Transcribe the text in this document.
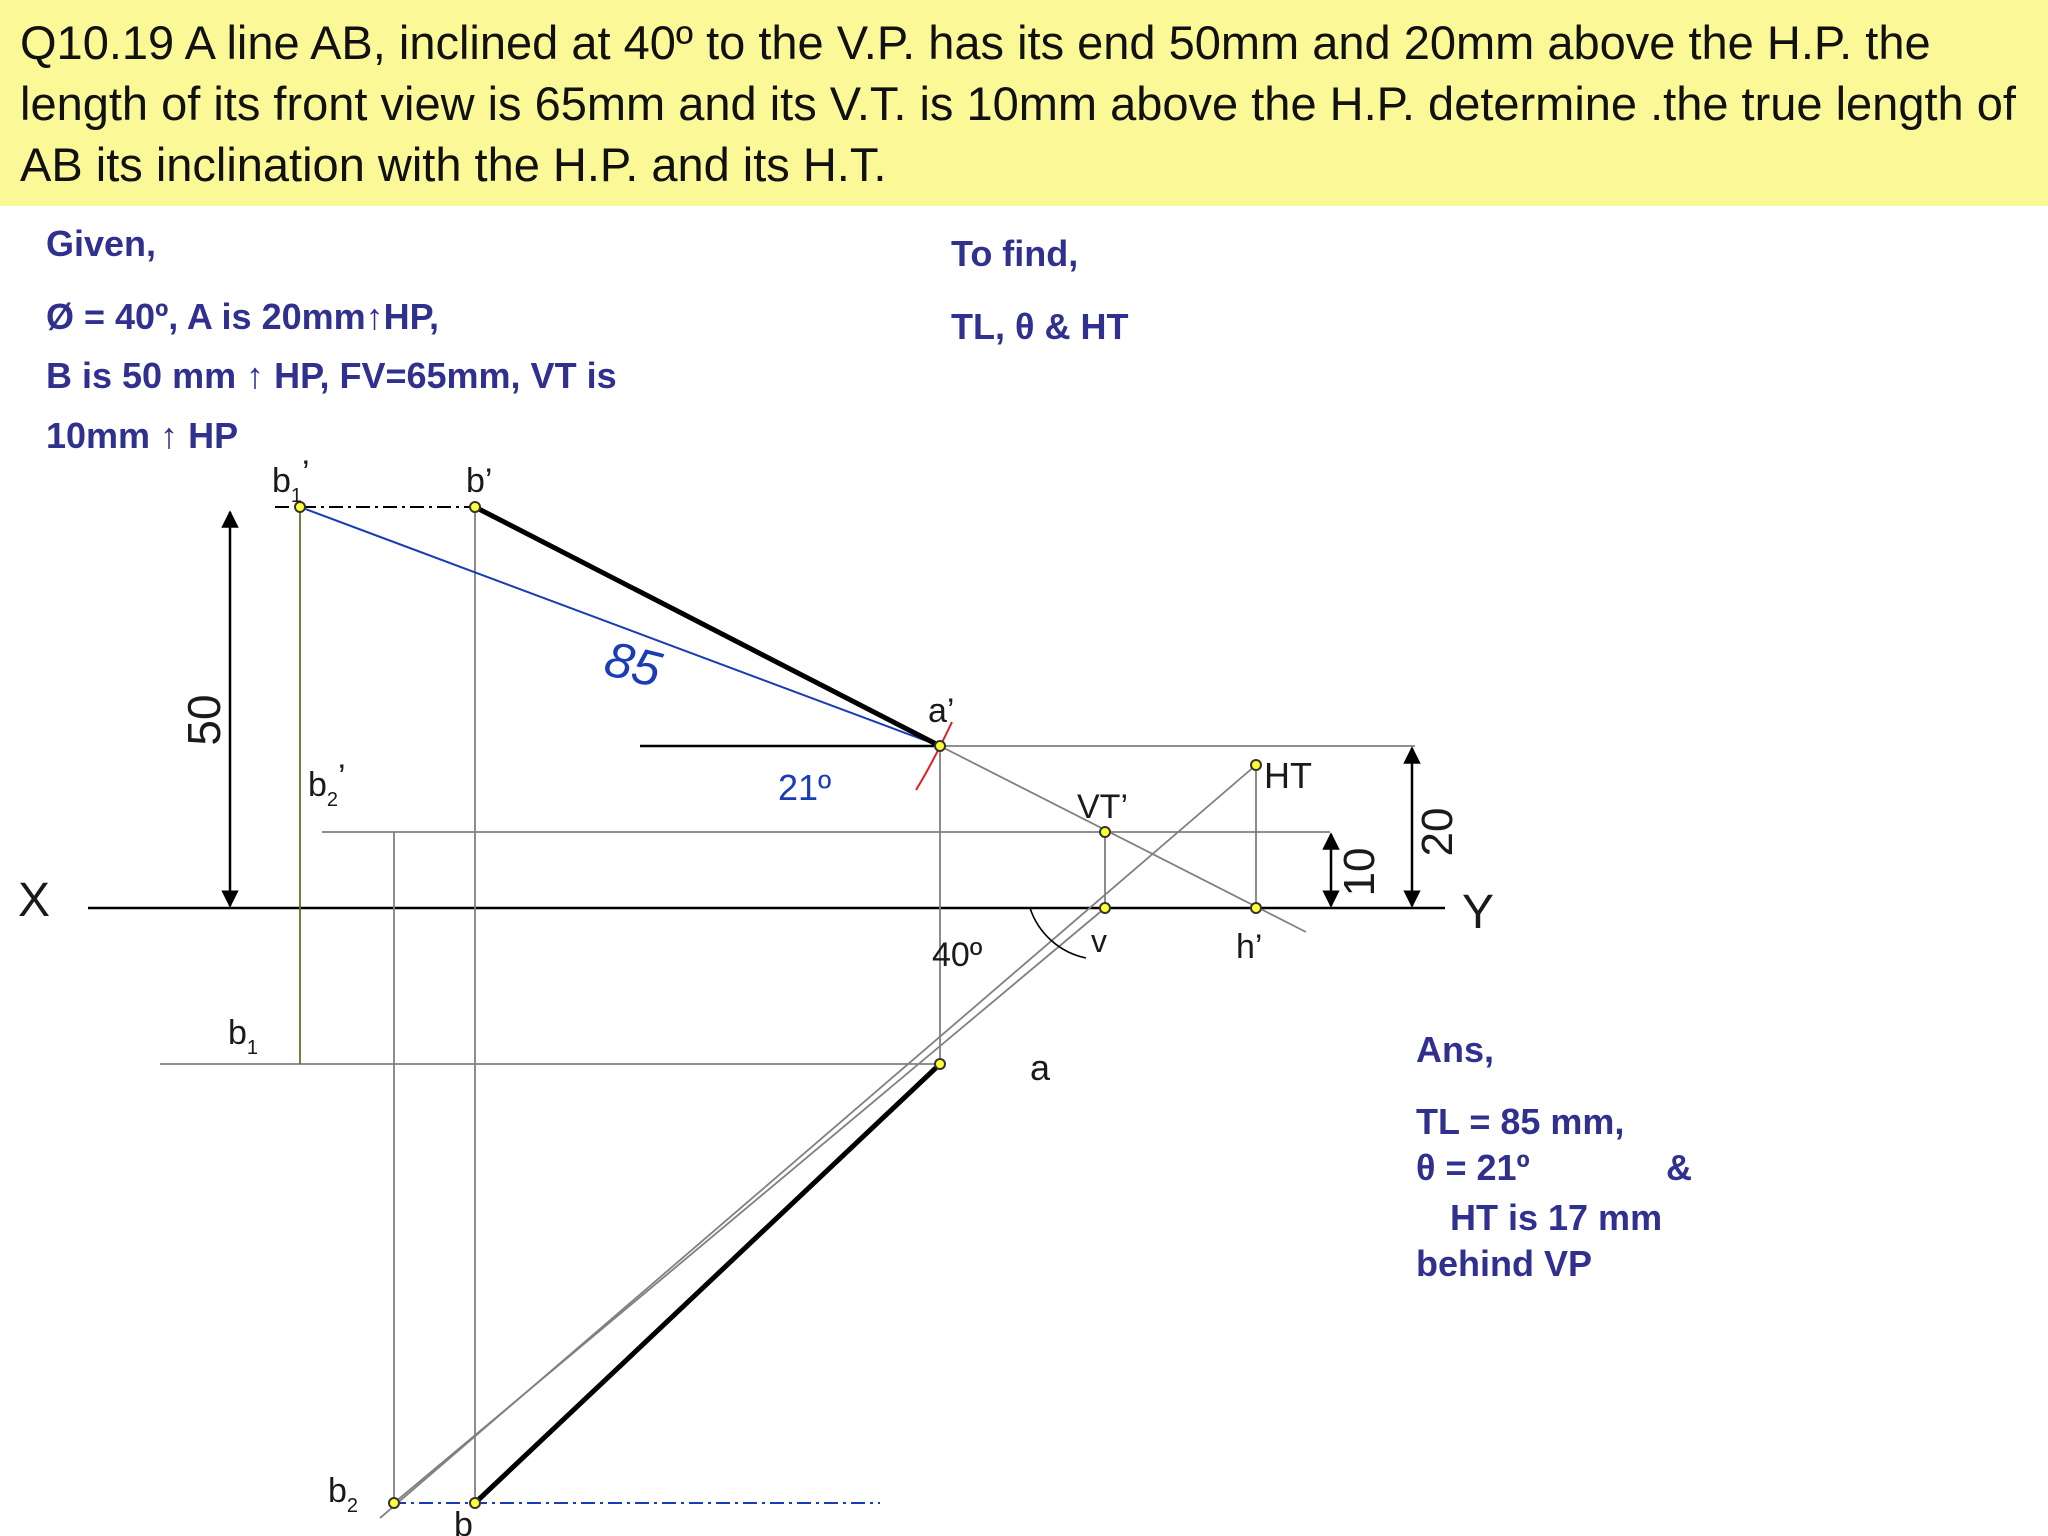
Q10.19 A line AB, inclined at 40º to the V.P. has its end 50mm and 20mm above the H.P. the length of its front view is 65mm and its V.T. is 10mm above the H.P. determine .the true length of AB its inclination with the H.P. and its H.T.

Given,

Ø = 40º, A is 20mm↑HP,

B is 50 mm ↑ HP, FV=65mm, VT is

10mm ↑ HP

To find,

TL, θ & HT

Ans,

TL = 85 mm,

θ = 21º	&

HT is 17 mm

behind VP

X	Y
$b_1$’	b’
a’
$b_2$’
VT’
HT
v	h’
a
$b_1$
$b_2$	b
85
21º
40º
50
10
20
